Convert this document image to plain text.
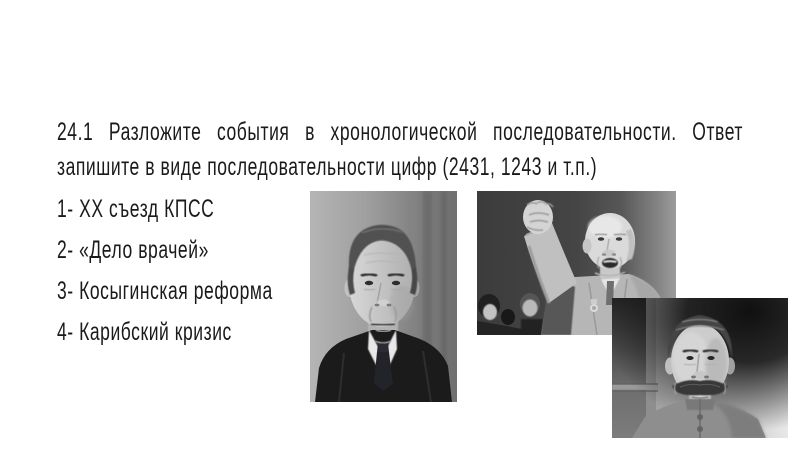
24.1 Разложите события в хронологической последовательности. Ответ
запишите в виде последовательности цифр (2431, 1243 и т.п.)
1- ХХ съезд КПСС
2- «Дело врачей»
3- Косыгинская реформа
4- Карибский кризис
